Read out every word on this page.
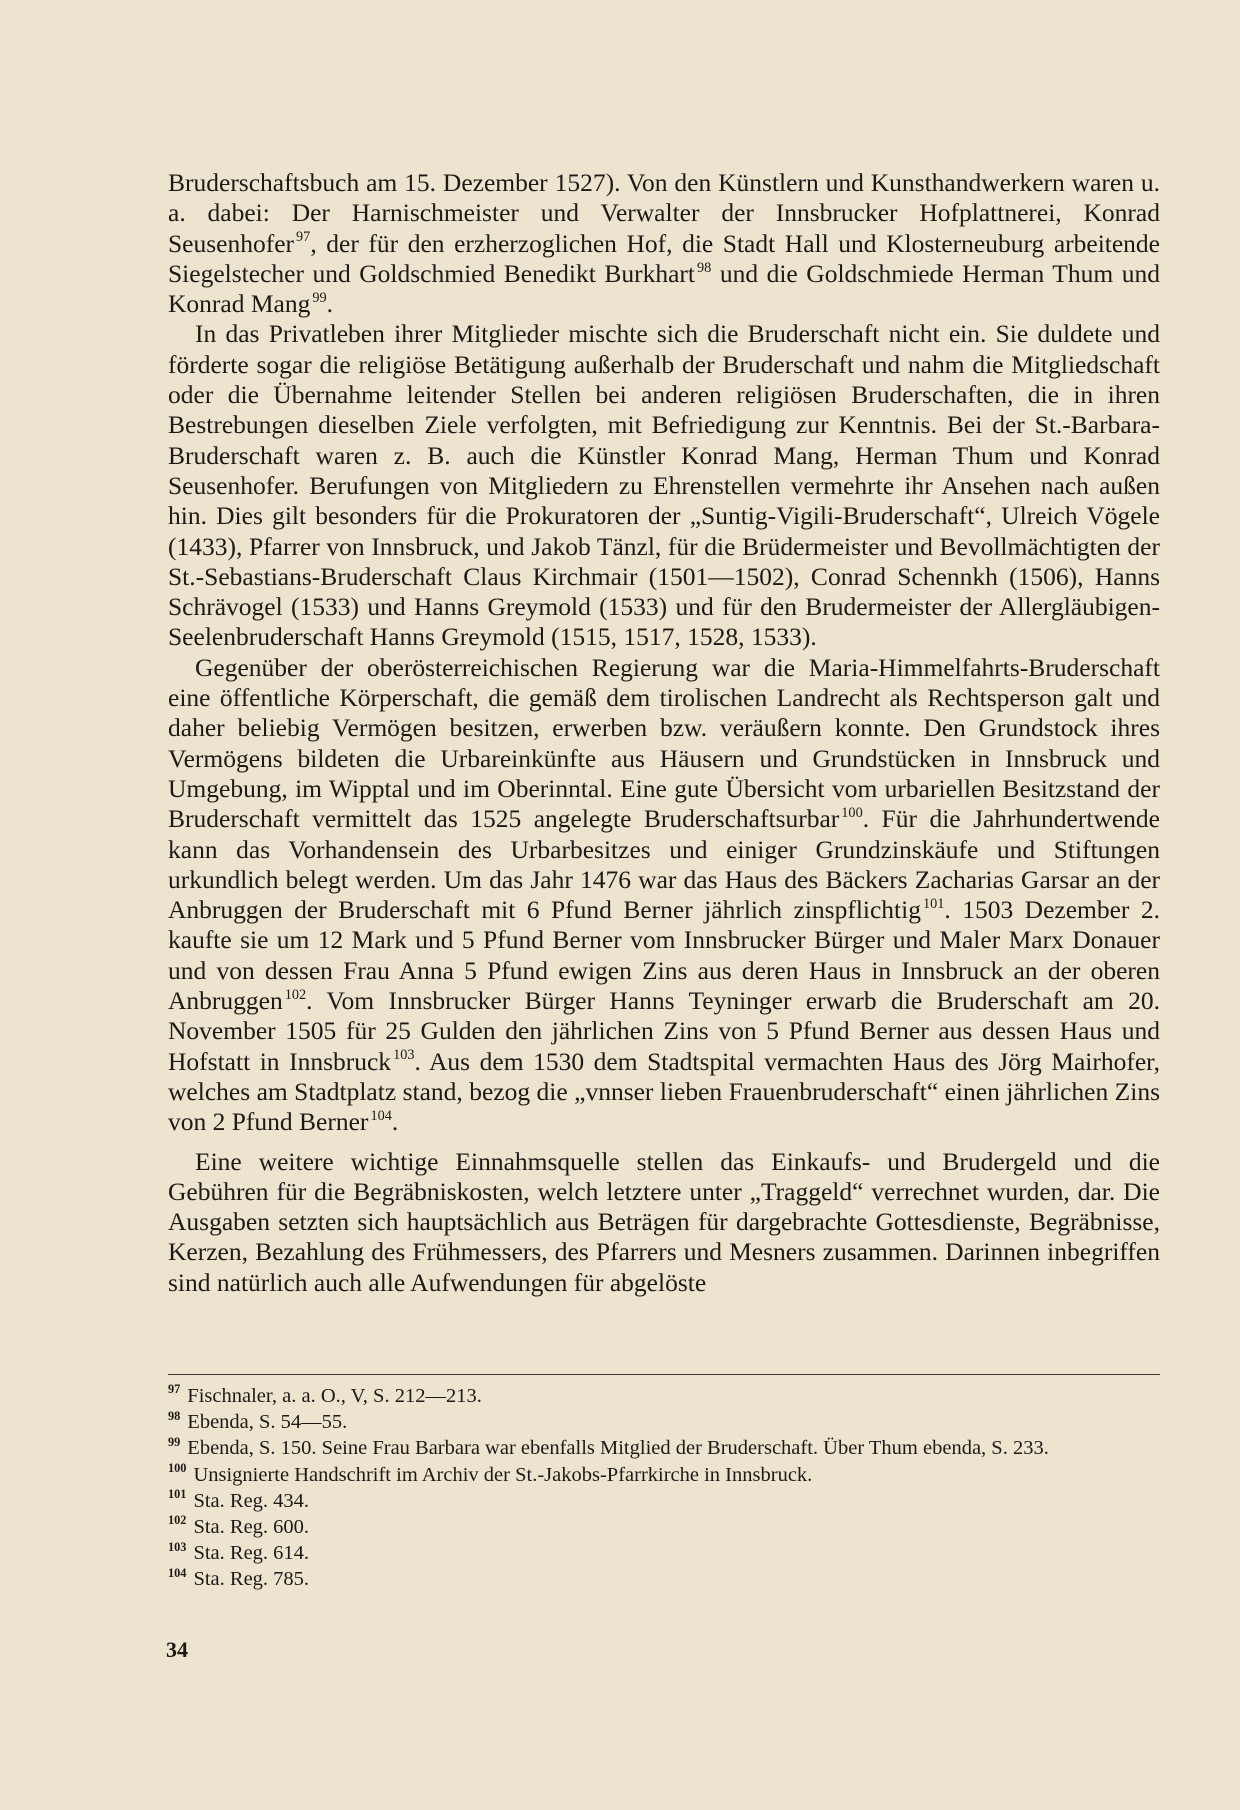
Bruderschaftsbuch am 15. Dezember 1527). Von den Künstlern und Kunsthandwerkern waren u. a. dabei: Der Harnischmeister und Verwalter der Innsbrucker Hofplattnerei, Konrad Seusenhofer $^{97}$, der für den erzherzoglichen Hof, die Stadt Hall und Klosterneuburg arbeitende Siegelstecher und Goldschmied Benedikt Burkhart $^{98}$ und die Goldschmiede Herman Thum und Konrad Mang $^{99}$.

In das Privatleben ihrer Mitglieder mischte sich die Bruderschaft nicht ein. Sie duldete und förderte sogar die religiöse Betätigung außerhalb der Bruderschaft und nahm die Mitgliedschaft oder die Übernahme leitender Stellen bei anderen religiösen Bruderschaften, die in ihren Bestrebungen dieselben Ziele verfolgten, mit Befriedigung zur Kenntnis. Bei der St.-Barbara-Bruderschaft waren z. B. auch die Künstler Konrad Mang, Herman Thum und Konrad Seusenhofer. Berufungen von Mitgliedern zu Ehrenstellen vermehrte ihr Ansehen nach außen hin. Dies gilt besonders für die Prokuratoren der „Suntig-Vigili-Bruderschaft“, Ulreich Vögele (1433), Pfarrer von Innsbruck, und Jakob Tänzl, für die Brüdermeister und Bevollmächtigten der St.-Sebastians-Bruderschaft Claus Kirchmair (1501—1502), Conrad Schennkh (1506), Hanns Schrävogel (1533) und Hanns Greymold (1533) und für den Brudermeister der Allergläubigen-Seelenbruderschaft Hanns Greymold (1515, 1517, 1528, 1533).

Gegenüber der oberösterreichischen Regierung war die Maria-Himmelfahrts-Bruderschaft eine öffentliche Körperschaft, die gemäß dem tirolischen Landrecht als Rechtsperson galt und daher beliebig Vermögen besitzen, erwerben bzw. veräußern konnte. Den Grundstock ihres Vermögens bildeten die Urbareinkünfte aus Häusern und Grundstücken in Innsbruck und Umgebung, im Wipptal und im Oberinntal. Eine gute Übersicht vom urbariellen Besitzstand der Bruderschaft vermittelt das 1525 angelegte Bruderschaftsurbar $^{100}$. Für die Jahrhundertwende kann das Vorhandensein des Urbarbesitzes und einiger Grundzinskäufe und Stiftungen urkundlich belegt werden. Um das Jahr 1476 war das Haus des Bäckers Zacharias Garsar an der Anbruggen der Bruderschaft mit 6 Pfund Berner jährlich zinspflichtig $^{101}$. 1503 Dezember 2. kaufte sie um 12 Mark und 5 Pfund Berner vom Innsbrucker Bürger und Maler Marx Donauer und von dessen Frau Anna 5 Pfund ewigen Zins aus deren Haus in Innsbruck an der oberen Anbruggen $^{102}$. Vom Innsbrucker Bürger Hanns Teyninger erwarb die Bruderschaft am 20. November 1505 für 25 Gulden den jährlichen Zins von 5 Pfund Berner aus dessen Haus und Hofstatt in Innsbruck $^{103}$. Aus dem 1530 dem Stadtspital vermachten Haus des Jörg Mairhofer, welches am Stadtplatz stand, bezog die „vnnser lieben Frauenbruderschaft“ einen jährlichen Zins von 2 Pfund Berner $^{104}$.

Eine weitere wichtige Einnahmsquelle stellen das Einkaufs- und Brudergeld und die Gebühren für die Begräbniskosten, welch letztere unter „Traggeld“ verrechnet wurden, dar. Die Ausgaben setzten sich hauptsächlich aus Beträgen für dargebrachte Gottesdienste, Begräbnisse, Kerzen, Bezahlung des Frühmessers, des Pfarrers und Mesners zusammen. Darinnen inbegriffen sind natürlich auch alle Aufwendungen für abgelöste

97 Fischnaler, a. a. O., V, S. 212—213.
98 Ebenda, S. 54—55.
99 Ebenda, S. 150. Seine Frau Barbara war ebenfalls Mitglied der Bruderschaft. Über Thum ebenda, S. 233.
100 Unsignierte Handschrift im Archiv der St.-Jakobs-Pfarrkirche in Innsbruck.
101 Sta. Reg. 434.
102 Sta. Reg. 600.
103 Sta. Reg. 614.
104 Sta. Reg. 785.
34
